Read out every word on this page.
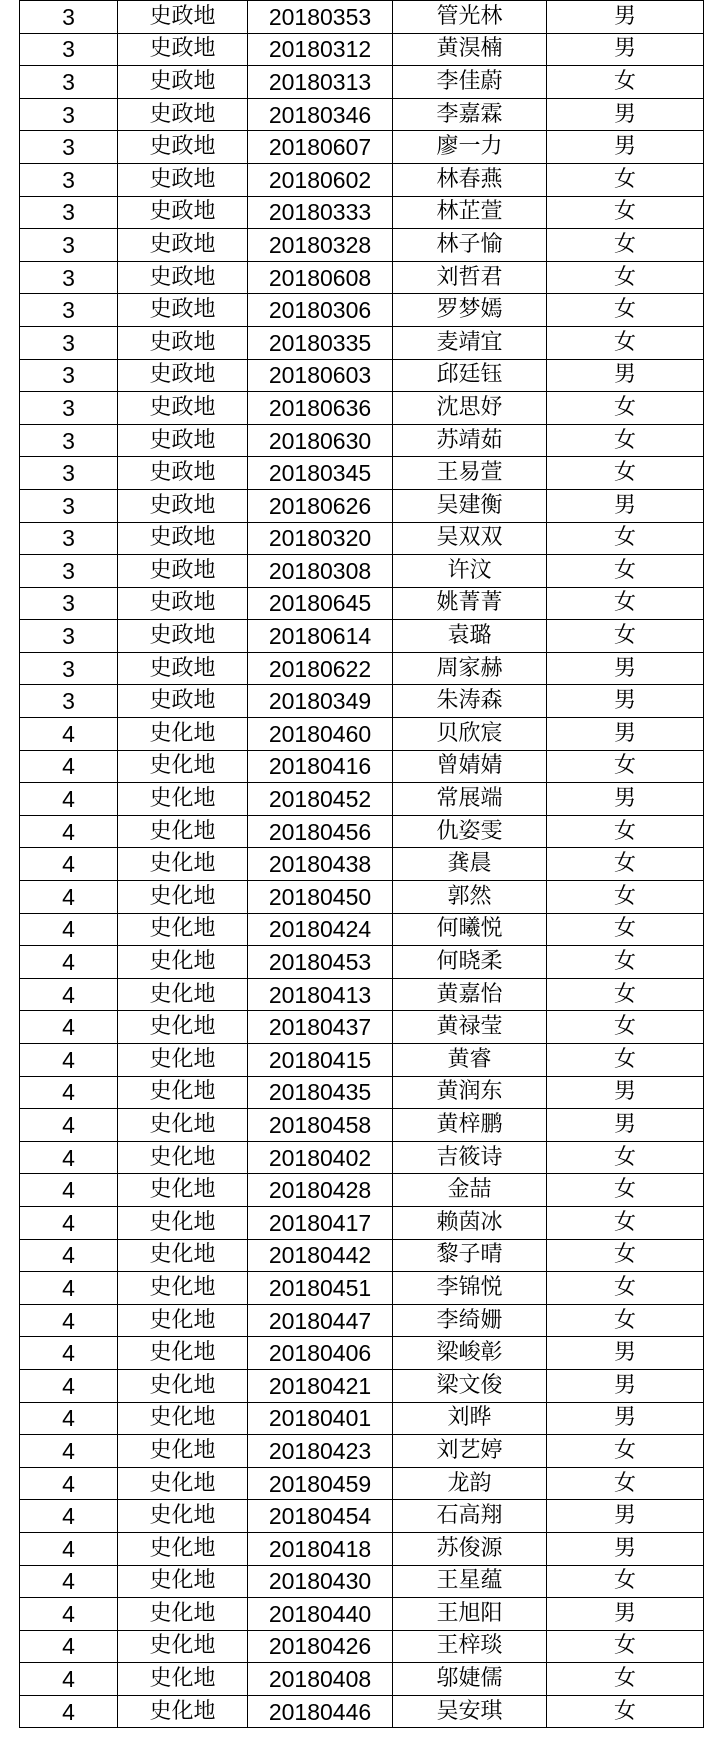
3	史政地	20180353	管光林	男
3	史政地	20180312	黄淏楠	男
3	史政地	20180313	李佳蔚	女
3	史政地	20180346	李嘉霖	男
3	史政地	20180607	廖一力	男
3	史政地	20180602	林春燕	女
3	史政地	20180333	林芷萱	女
3	史政地	20180328	林子愉	女
3	史政地	20180608	刘哲君	女
3	史政地	20180306	罗梦嫣	女
3	史政地	20180335	麦靖宜	女
3	史政地	20180603	邱廷钰	男
3	史政地	20180636	沈思妤	女
3	史政地	20180630	苏靖茹	女
3	史政地	20180345	王易萱	女
3	史政地	20180626	吴建衡	男
3	史政地	20180320	吴双双	女
3	史政地	20180308	许汶	女
3	史政地	20180645	姚菁菁	女
3	史政地	20180614	袁璐	女
3	史政地	20180622	周家赫	男
3	史政地	20180349	朱涛森	男
4	史化地	20180460	贝欣宸	男
4	史化地	20180416	曾婧婧	女
4	史化地	20180452	常展端	男
4	史化地	20180456	仇姿雯	女
4	史化地	20180438	龚晨	女
4	史化地	20180450	郭然	女
4	史化地	20180424	何曦悦	女
4	史化地	20180453	何晓柔	女
4	史化地	20180413	黄嘉怡	女
4	史化地	20180437	黄禄莹	女
4	史化地	20180415	黄睿	女
4	史化地	20180435	黄润东	男
4	史化地	20180458	黄梓鹏	男
4	史化地	20180402	吉筱诗	女
4	史化地	20180428	金喆	女
4	史化地	20180417	赖茵冰	女
4	史化地	20180442	黎子晴	女
4	史化地	20180451	李锦悦	女
4	史化地	20180447	李绮姗	女
4	史化地	20180406	梁峻彰	男
4	史化地	20180421	梁文俊	男
4	史化地	20180401	刘晔	男
4	史化地	20180423	刘艺婷	女
4	史化地	20180459	龙韵	女
4	史化地	20180454	石高翔	男
4	史化地	20180418	苏俊源	男
4	史化地	20180430	王星蕴	女
4	史化地	20180440	王旭阳	男
4	史化地	20180426	王梓琰	女
4	史化地	20180408	邬婕儒	女
4	史化地	20180446	吴安琪	女
